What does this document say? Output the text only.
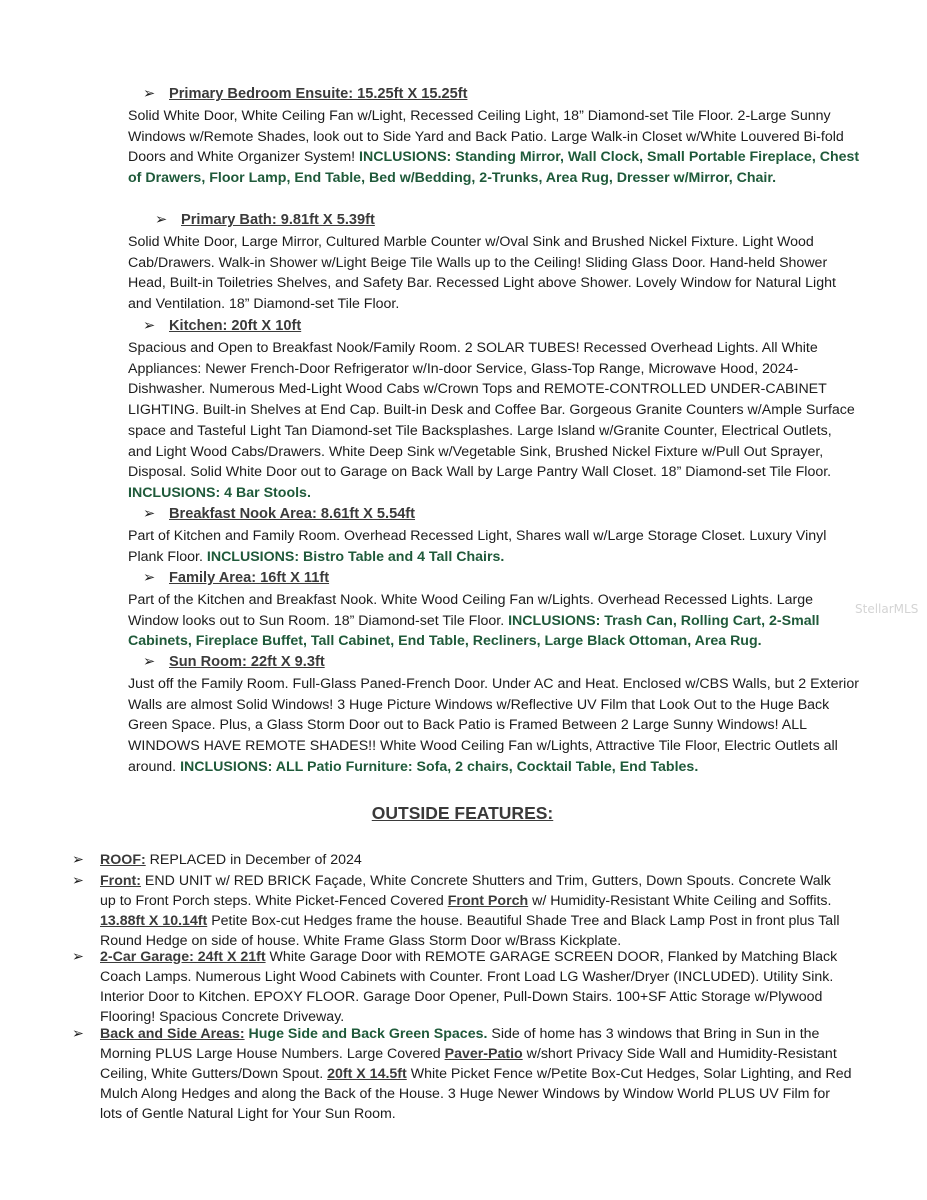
➢ Primary Bedroom Ensuite: 15.25ft X 15.25ft
Solid White Door, White Ceiling Fan w/Light, Recessed Ceiling Light, 18” Diamond-set Tile Floor. 2-Large Sunny Windows w/Remote Shades, look out to Side Yard and Back Patio. Large Walk-in Closet w/White Louvered Bi-fold Doors and White Organizer System! INCLUSIONS: Standing Mirror, Wall Clock, Small Portable Fireplace, Chest of Drawers, Floor Lamp, End Table, Bed w/Bedding, 2-Trunks, Area Rug, Dresser w/Mirror, Chair.
➢ Primary Bath: 9.81ft X 5.39ft
Solid White Door, Large Mirror, Cultured Marble Counter w/Oval Sink and Brushed Nickel Fixture. Light Wood Cab/Drawers. Walk-in Shower w/Light Beige Tile Walls up to the Ceiling! Sliding Glass Door. Hand-held Shower Head, Built-in Toiletries Shelves, and Safety Bar. Recessed Light above Shower. Lovely Window for Natural Light and Ventilation. 18” Diamond-set Tile Floor.
➢ Kitchen: 20ft X 10ft
Spacious and Open to Breakfast Nook/Family Room. 2 SOLAR TUBES! Recessed Overhead Lights. All White Appliances: Newer French-Door Refrigerator w/In-door Service, Glass-Top Range, Microwave Hood, 2024-Dishwasher. Numerous Med-Light Wood Cabs w/Crown Tops and REMOTE-CONTROLLED UNDER-CABINET LIGHTING. Built-in Shelves at End Cap. Built-in Desk and Coffee Bar. Gorgeous Granite Counters w/Ample Surface space and Tasteful Light Tan Diamond-set Tile Backsplashes. Large Island w/Granite Counter, Electrical Outlets, and Light Wood Cabs/Drawers. White Deep Sink w/Vegetable Sink, Brushed Nickel Fixture w/Pull Out Sprayer, Disposal. Solid White Door out to Garage on Back Wall by Large Pantry Wall Closet. 18” Diamond-set Tile Floor. INCLUSIONS: 4 Bar Stools.
➢ Breakfast Nook Area: 8.61ft X 5.54ft
Part of Kitchen and Family Room. Overhead Recessed Light, Shares wall w/Large Storage Closet. Luxury Vinyl Plank Floor. INCLUSIONS: Bistro Table and 4 Tall Chairs.
➢ Family Area: 16ft X 11ft
Part of the Kitchen and Breakfast Nook. White Wood Ceiling Fan w/Lights. Overhead Recessed Lights. Large Window looks out to Sun Room. 18” Diamond-set Tile Floor. INCLUSIONS: Trash Can, Rolling Cart, 2-Small Cabinets, Fireplace Buffet, Tall Cabinet, End Table, Recliners, Large Black Ottoman, Area Rug.
➢ Sun Room: 22ft X 9.3ft
Just off the Family Room. Full-Glass Paned-French Door. Under AC and Heat. Enclosed w/CBS Walls, but 2 Exterior Walls are almost Solid Windows! 3 Huge Picture Windows w/Reflective UV Film that Look Out to the Huge Back Green Space. Plus, a Glass Storm Door out to Back Patio is Framed Between 2 Large Sunny Windows! ALL WINDOWS HAVE REMOTE SHADES!! White Wood Ceiling Fan w/Lights, Attractive Tile Floor, Electric Outlets all around. INCLUSIONS: ALL Patio Furniture: Sofa, 2 chairs, Cocktail Table, End Tables.
OUTSIDE FEATURES:
➢	ROOF: REPLACED in December of 2024
➢	Front: END UNIT w/ RED BRICK Façade, White Concrete Shutters and Trim, Gutters, Down Spouts. Concrete Walk up to Front Porch steps. White Picket-Fenced Covered Front Porch w/ Humidity-Resistant White Ceiling and Soffits. 13.88ft X 10.14ft Petite Box-cut Hedges frame the house. Beautiful Shade Tree and Black Lamp Post in front plus Tall Round Hedge on side of house. White Frame Glass Storm Door w/Brass Kickplate.
➢	2-Car Garage: 24ft X 21ft White Garage Door with REMOTE GARAGE SCREEN DOOR, Flanked by Matching Black Coach Lamps. Numerous Light Wood Cabinets with Counter. Front Load LG Washer/Dryer (INCLUDED). Utility Sink. Interior Door to Kitchen. EPOXY FLOOR. Garage Door Opener, Pull-Down Stairs. 100+SF Attic Storage w/Plywood Flooring! Spacious Concrete Driveway.
➢	Back and Side Areas: Huge Side and Back Green Spaces. Side of home has 3 windows that Bring in Sun in the Morning PLUS Large House Numbers. Large Covered Paver-Patio w/short Privacy Side Wall and Humidity-Resistant Ceiling, White Gutters/Down Spout. 20ft X 14.5ft White Picket Fence w/Petite Box-Cut Hedges, Solar Lighting, and Red Mulch Along Hedges and along the Back of the House. 3 Huge Newer Windows by Window World PLUS UV Film for lots of Gentle Natural Light for Your Sun Room.
StellarMLS
